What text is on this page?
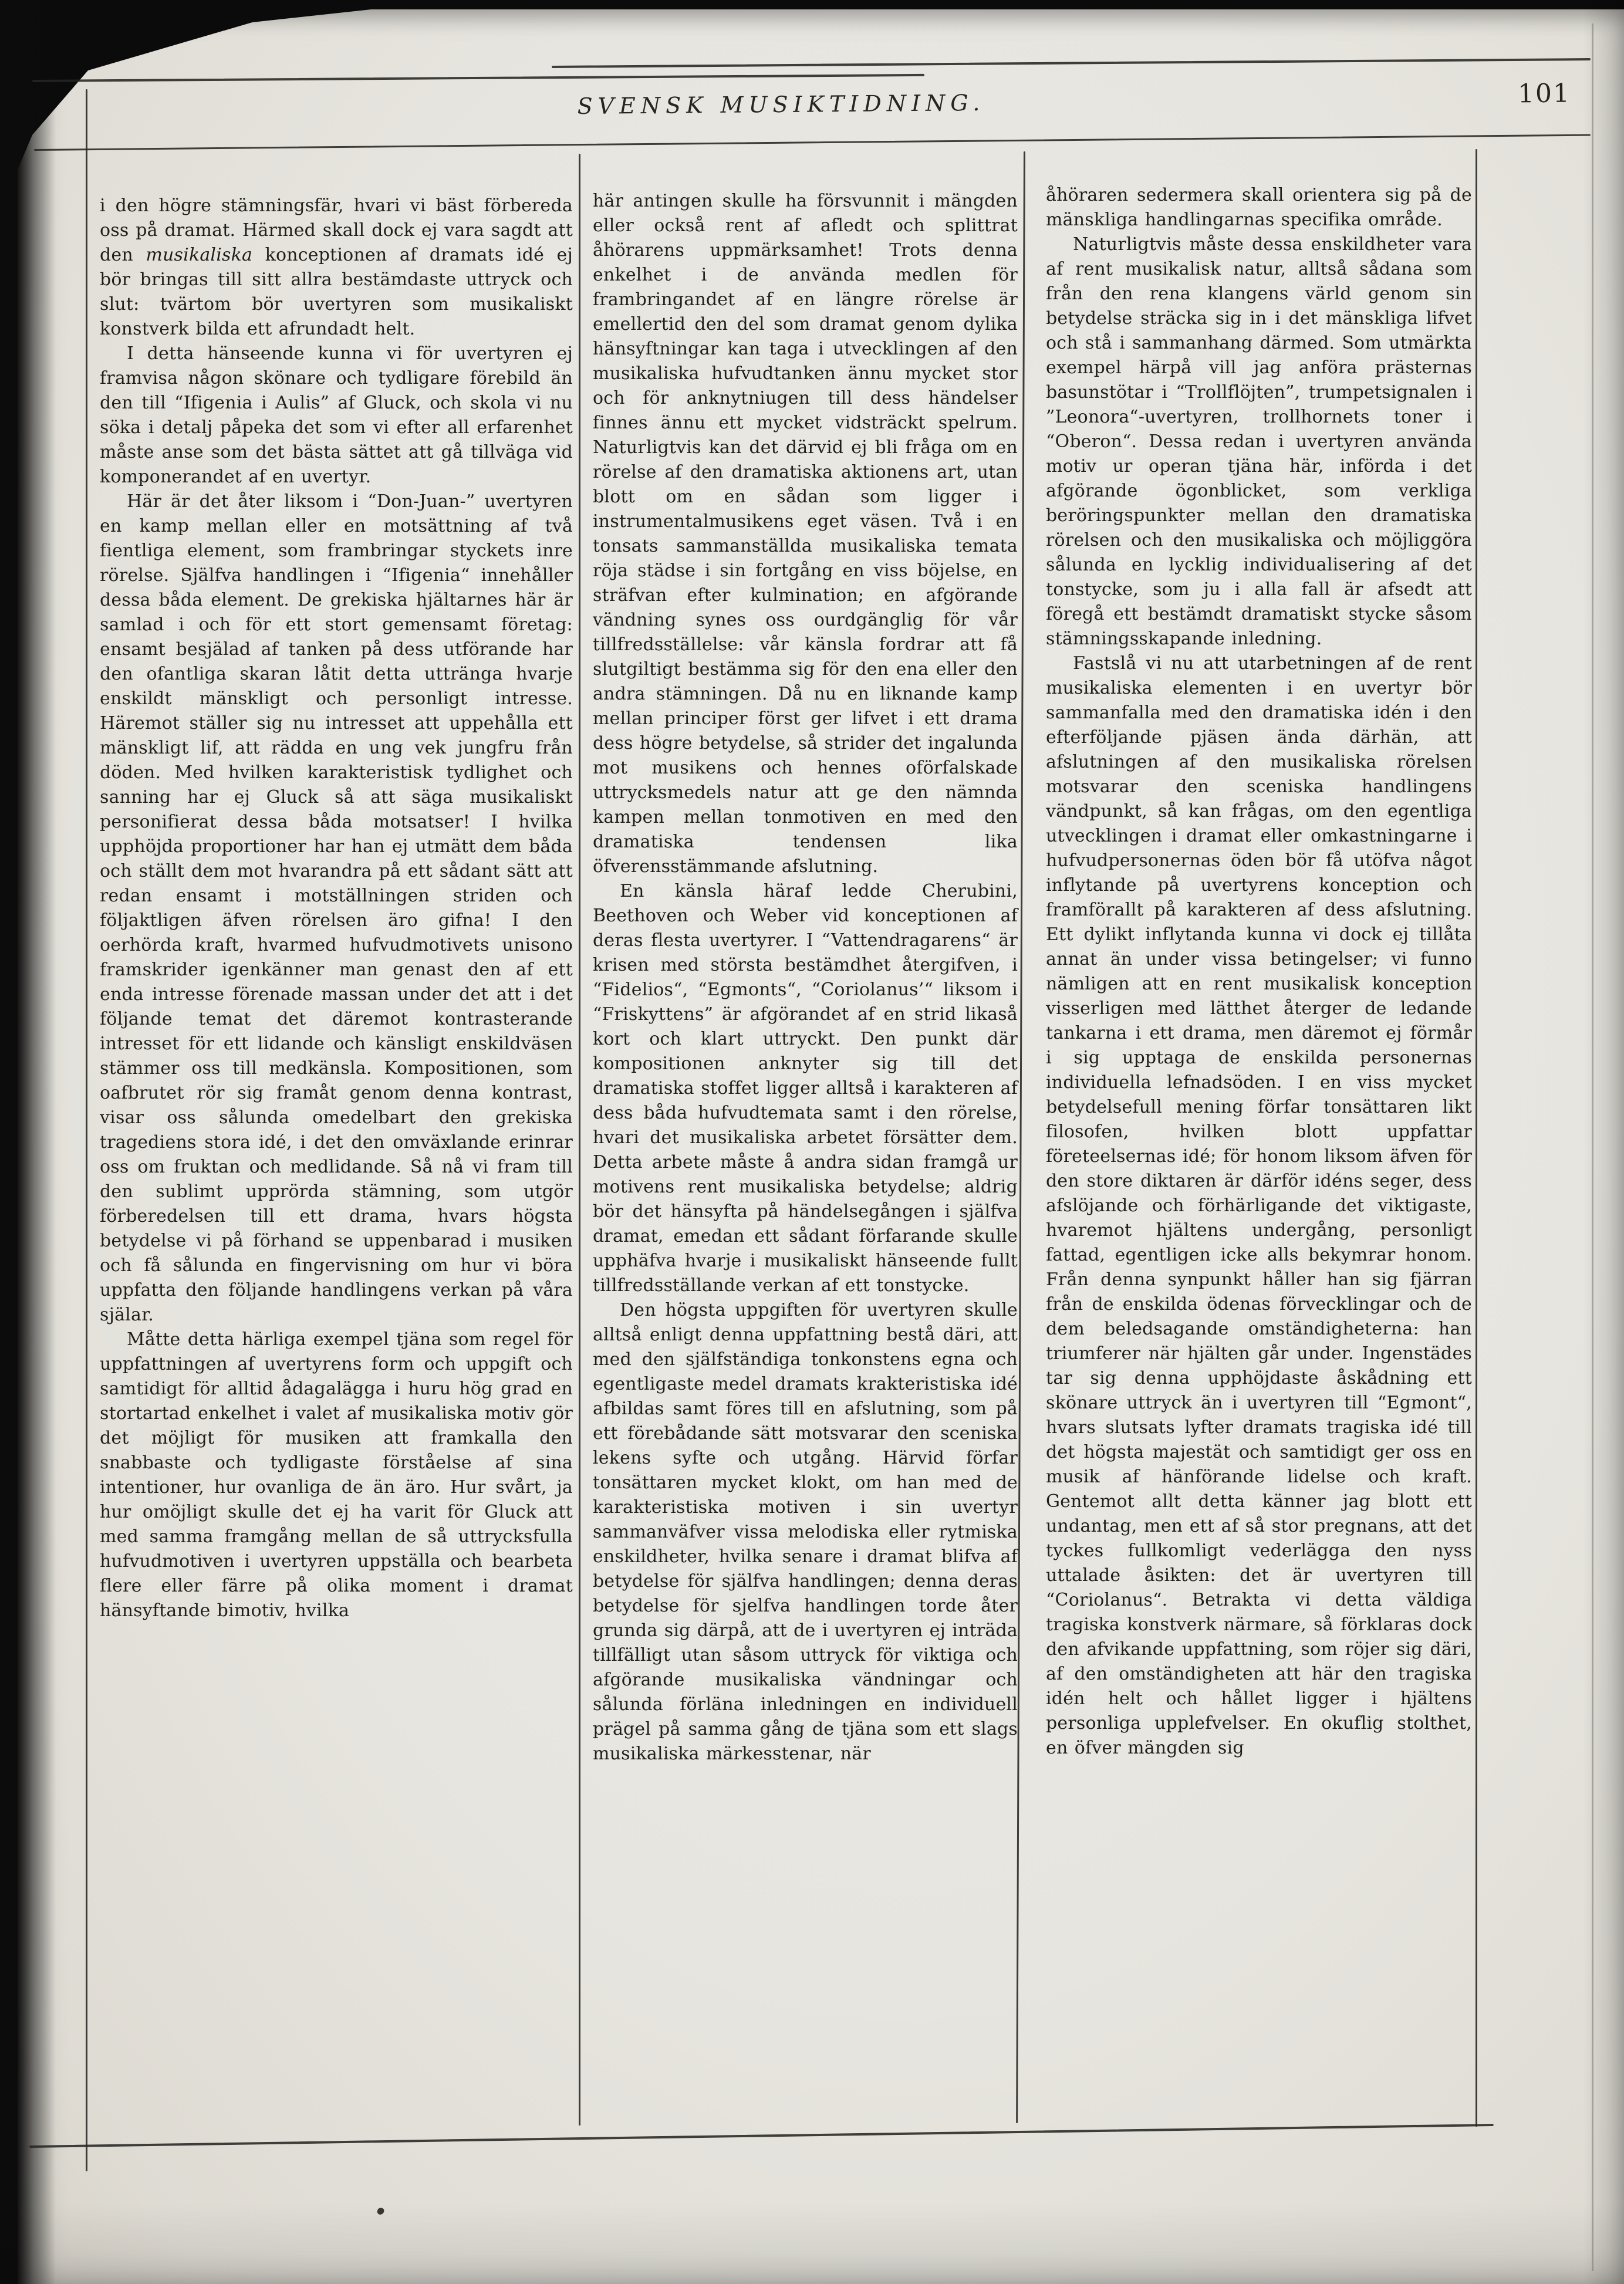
SVENSK MUSIKTIDNING.	101

i den högre stämningsfär, hvari vi bäst förbereda oss på dramat. Härmed skall dock ej vara sagdt att den musikaliska konceptionen af dramats idé ej bör bringas till sitt allra bestämdaste uttryck och slut: tvärtom bör uvertyren som musikaliskt konstverk bilda ett afrundadt helt.

I detta hänseende kunna vi för uvertyren ej framvisa någon skönare och tydligare förebild än den till “Ifigenia i Aulis” af Gluck, och skola vi nu söka i detalj påpeka det som vi efter all erfarenhet måste anse som det bästa sättet att gå tillväga vid komponerandet af en uvertyr.

Här är det åter liksom i “Don-Juan-” uvertyren en kamp mellan eller en motsättning af två fientliga element, som frambringar styckets inre rörelse. Själfva handlingen i “Ifigenia“ innehåller dessa båda element. De grekiska hjältarnes här är samlad i och för ett stort gemensamt företag: ensamt besjälad af tanken på dess utförande har den ofantliga skaran låtit detta uttränga hvarje enskildt mänskligt och personligt intresse. Häremot ställer sig nu intresset att uppehålla ett mänskligt lif, att rädda en ung vek jungfru från döden. Med hvilken karakteristisk tydlighet och sanning har ej Gluck så att säga musikaliskt personifierat dessa båda motsatser! I hvilka upphöjda proportioner har han ej utmätt dem båda och ställt dem mot hvarandra på ett sådant sätt att redan ensamt i motställningen striden och följaktligen äfven rörelsen äro gifna! I den oerhörda kraft, hvarmed hufvudmotivets unisono framskrider igenkänner man genast den af ett enda intresse förenade massan under det att i det följande temat det däremot kontrasterande intresset för ett lidande och känsligt enskildväsen stämmer oss till medkänsla. Kompositionen, som oafbrutet rör sig framåt genom denna kontrast, visar oss sålunda omedelbart den grekiska tragediens stora idé, i det den omväxlande erinrar oss om fruktan och medlidande. Så nå vi fram till den sublimt upprörda stämning, som utgör förberedelsen till ett drama, hvars högsta betydelse vi på förhand se uppenbarad i musiken och få sålunda en fingervisning om hur vi böra uppfatta den följande handlingens verkan på våra själar.

Måtte detta härliga exempel tjäna som regel för uppfattningen af uvertyrens form och uppgift och samtidigt för alltid ådagalägga i huru hög grad en stortartad enkelhet i valet af musikaliska motiv gör det möjligt för musiken att framkalla den snabbaste och tydligaste förståelse af sina intentioner, hur ovanliga de än äro. Hur svårt, ja hur omöjligt skulle det ej ha varit för Gluck att med samma framgång mellan de så uttrycksfulla hufvudmotiven i uvertyren uppställa och bearbeta flere eller färre på olika moment i dramat hänsyftande bimotiv, hvilka

här antingen skulle ha försvunnit i mängden eller också rent af afledt och splittrat åhörarens uppmärksamhet! Trots denna enkelhet i de använda medlen för frambringandet af en längre rörelse är emellertid den del som dramat genom dylika hänsyftningar kan taga i utvecklingen af den musikaliska hufvudtanken ännu mycket stor och för anknytniugen till dess händelser finnes ännu ett mycket vidsträckt spelrum. Naturligtvis kan det därvid ej bli fråga om en rörelse af den dramatiska aktionens art, utan blott om en sådan som ligger i instrumentalmusikens eget väsen. Två i en tonsats sammanställda musikaliska temata röja städse i sin fortgång en viss böjelse, en sträfvan efter kulmination; en afgörande vändning synes oss ourdgänglig för vår tillfredsställelse: vår känsla fordrar att få slutgiltigt bestämma sig för den ena eller den andra stämningen. Då nu en liknande kamp mellan principer först ger lifvet i ett drama dess högre betydelse, så strider det ingalunda mot musikens och hennes oförfalskade uttrycksmedels natur att ge den nämnda kampen mellan tonmotiven en med den dramatiska tendensen lika öfverensstämmande afslutning.

En känsla häraf ledde Cherubini, Beethoven och Weber vid konceptionen af deras flesta uvertyrer. I “Vattendragarens“ är krisen med största bestämdhet återgifven, i “Fidelios“, “Egmonts“, “Coriolanus’“ liksom i “Friskyttens” är afgörandet af en strid likaså kort och klart uttryckt. Den punkt där kompositionen anknyter sig till det dramatiska stoffet ligger alltså i karakteren af dess båda hufvudtemata samt i den rörelse, hvari det musikaliska arbetet försätter dem. Detta arbete måste å andra sidan framgå ur motivens rent musikaliska betydelse; aldrig bör det hänsyfta på händelsegången i själfva dramat, emedan ett sådant förfarande skulle upphäfva hvarje i musikaliskt hänseende fullt tillfredsställande verkan af ett tonstycke.

Den högsta uppgiften för uvertyren skulle alltså enligt denna uppfattning bestå däri, att med den själfständiga tonkonstens egna och egentligaste medel dramats krakteristiska idé afbildas samt föres till en afslutning, som på ett förebådande sätt motsvarar den sceniska lekens syfte och utgång. Härvid förfar tonsättaren mycket klokt, om han med de karakteristiska motiven i sin uvertyr sammanväfver vissa melodiska eller rytmiska enskildheter, hvilka senare i dramat blifva af betydelse för själfva handlingen; denna deras betydelse för sjelfva handlingen torde åter grunda sig därpå, att de i uvertyren ej inträda tillfälligt utan såsom uttryck för viktiga och afgörande musikaliska vändningar och sålunda förläna inledningen en individuell prägel på samma gång de tjäna som ett slags musikaliska märkesstenar, när

åhöraren sedermera skall orientera sig på de mänskliga handlingarnas specifika område.

Naturligtvis måste dessa enskildheter vara af rent musikalisk natur, alltså sådana som från den rena klangens värld genom sin betydelse sträcka sig in i det mänskliga lifvet och stå i sammanhang därmed. Som utmärkta exempel härpå vill jag anföra prästernas basunstötar i “Trollflöjten”, trumpetsignalen i ”Leonora“-uvertyren, trollhornets toner i “Oberon“. Dessa redan i uvertyren använda motiv ur operan tjäna här, införda i det afgörande ögonblicket, som verkliga beröringspunkter mellan den dramatiska rörelsen och den musikaliska och möjliggöra sålunda en lycklig individualisering af det tonstycke, som ju i alla fall är afsedt att föregå ett bestämdt dramatiskt stycke såsom stämningsskapande inledning.

Fastslå vi nu att utarbetningen af de rent musikaliska elementen i en uvertyr bör sammanfalla med den dramatiska idén i den efterföljande pjäsen ända därhän, att afslutningen af den musikaliska rörelsen motsvarar den sceniska handlingens vändpunkt, så kan frågas, om den egentliga utvecklingen i dramat eller omkastningarne i hufvudpersonernas öden bör få utöfva något inflytande på uvertyrens konception och framförallt på karakteren af dess afslutning. Ett dylikt inflytanda kunna vi dock ej tillåta annat än under vissa betingelser; vi funno nämligen att en rent musikalisk konception visserligen med lätthet återger de ledande tankarna i ett drama, men däremot ej förmår i sig upptaga de enskilda personernas individuella lefnadsöden. I en viss mycket betydelsefull mening förfar tonsättaren likt filosofen, hvilken blott uppfattar företeelsernas idé; för honom liksom äfven för den store diktaren är därför idéns seger, dess afslöjande och förhärligande det viktigaste, hvaremot hjältens undergång, personligt fattad, egentligen icke alls bekymrar honom. Från denna synpunkt håller han sig fjärran från de enskilda ödenas förvecklingar och de dem beledsagande omständigheterna: han triumferer när hjälten går under. Ingenstädes tar sig denna upphöjdaste åskådning ett skönare uttryck än i uvertyren till “Egmont“, hvars slutsats lyfter dramats tragiska idé till det högsta majestät och samtidigt ger oss en musik af hänförande lidelse och kraft. Gentemot allt detta känner jag blott ett undantag, men ett af så stor pregnans, att det tyckes fullkomligt vederlägga den nyss uttalade åsikten: det är uvertyren till “Coriolanus“. Betrakta vi detta väldiga tragiska konstverk närmare, så förklaras dock den afvikande uppfattning, som röjer sig däri, af den omständigheten att här den tragiska idén helt och hållet ligger i hjältens personliga upplefvelser. En okuflig stolthet, en öfver mängden sig
